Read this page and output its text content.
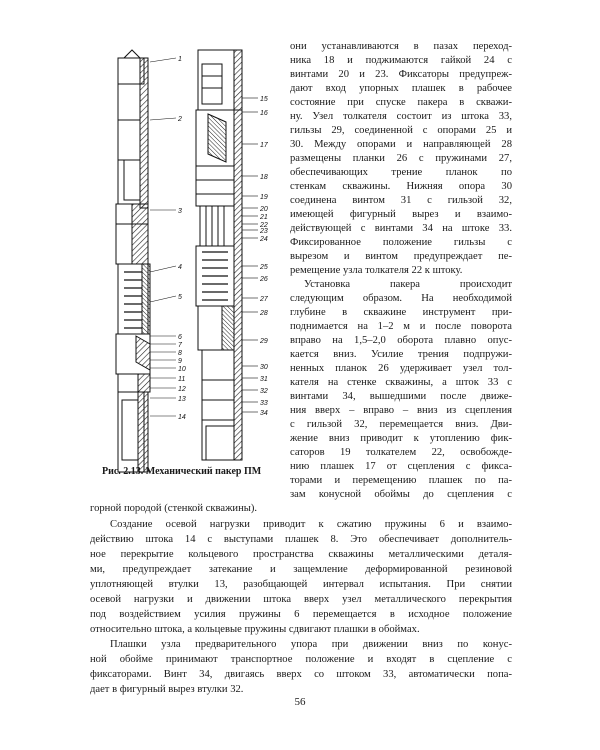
1
2
3
4
5
6
7
8
9
10
11
12
13
14
15
16
17
18
19
20
21
22
23
24
25
26
27
28
29
30
31
32
33
34
Рис. 2.13. Механический пакер ПМ
они устанавливаются в пазах переход-
ника 18 и поджимаются гайкой 24 с
винтами 20 и 23. Фиксаторы предупреж-
дают вход упорных плашек в рабочее
состояние при спуске пакера в скважи-
ну. Узел толкателя состоит из штока 33,
гильзы 29, соединенной с опорами 25 и
30. Между опорами и направляющей 28
размещены планки 26 с пружинами 27,
обеспечивающих трение планок по
стенкам скважины. Нижняя опора 30
соединена винтом 31 с гильзой 32,
имеющей фигурный вырез и взаимо-
действующей с винтами 34 на штоке 33.
Фиксированное положение гильзы с
вырезом и винтом предупреждает пе-
ремещение узла толкателя 22 к штоку.
Установка пакера происходит
следующим образом. На необходимой
глубине в скважине инструмент при-
поднимается на 1–2 м и после поворота
вправо на 1,5–2,0 оборота плавно опус-
кается вниз. Усилие трения подпружи-
ненных планок 26 удерживает узел тол-
кателя на стенке скважины, а шток 33 с
винтами 34, вышедшими после движе-
ния вверх – вправо – вниз из сцепления
с гильзой 32, перемещается вниз. Дви-
жение вниз приводит к утоплению фик-
саторов 19 толкателем 22, освобожде-
нию плашек 17 от сцепления с фикса-
торами и перемещению плашек по па-
зам конусной обоймы до сцепления с
горной породой (стенкой скважины).
Создание осевой нагрузки приводит к сжатию пружины 6 и взаимо-
действию штока 14 с выступами плашек 8. Это обеспечивает дополнитель-
ное перекрытие кольцевого пространства скважины металлическими деталя-
ми, предупреждает затекание и защемление деформированной резиновой
уплотняющей втулки 13, разобщающей интервал испытания. При снятии
осевой нагрузки и движении штока вверх узел металлического перекрытия
под воздействием усилия пружины 6 перемещается в исходное положение
относительно штока, а кольцевые пружины сдвигают плашки в обоймах.
Плашки узла предварительного упора при движении вниз по конус-
ной обойме принимают транспортное положение и входят в сцепление с
фиксаторами. Винт 34, двигаясь вверх со штоком 33, автоматически попа-
дает в фигурный вырез втулки 32.
56
